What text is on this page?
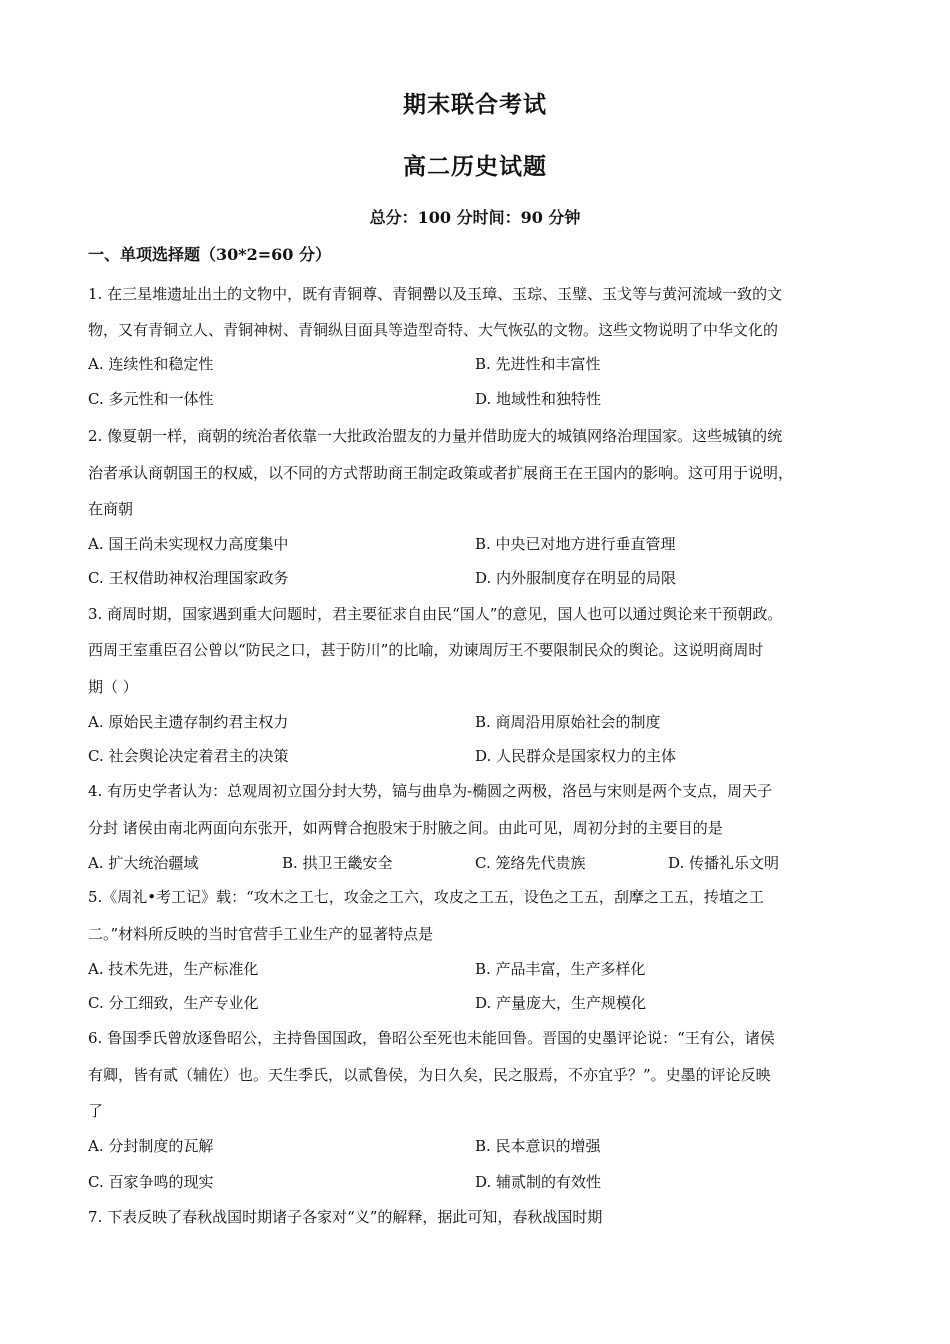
期末联合考试
高二历史试题
总分：100 分时间：90 分钟
一、单项选择题（30*2=60 分）
1. 在三星堆遗址出土的文物中，既有青铜尊、青铜罍以及玉璋、玉琮、玉璧、玉戈等与黄河流域一致的文
物，又有青铜立人、青铜神树、青铜纵目面具等造型奇特、大气恢弘的文物。这些文物说明了中华文化的
A. 连续性和稳定性	B. 先进性和丰富性
C. 多元性和一体性	D. 地域性和独特性
2. 像夏朝一样，商朝的统治者依靠一大批政治盟友的力量并借助庞大的城镇网络治理国家。这些城镇的统
治者承认商朝国王的权威，以不同的方式帮助商王制定政策或者扩展商王在王国内的影响。这可用于说明，
在商朝
A. 国王尚未实现权力高度集中	B. 中央已对地方进行垂直管理
C. 王权借助神权治理国家政务	D. 内外服制度存在明显的局限
3. 商周时期，国家遇到重大问题时，君主要征求自由民“国人”的意见，国人也可以通过舆论来干预朝政。
西周王室重臣召公曾以“防民之口，甚于防川”的比喻，劝谏周厉王不要限制民众的舆论。这说明商周时
期（ ）
A. 原始民主遗存制约君主权力	B. 商周沿用原始社会的制度
C. 社会舆论决定着君主的决策	D. 人民群众是国家权力的主体
4. 有历史学者认为：总观周初立国分封大势，镐与曲阜为-椭圆之两极，洛邑与宋则是两个支点，周天子
分封 诸侯由南北两面向东张开，如两臂合抱股宋于肘腋之间。由此可见，周初分封的主要目的是
A. 扩大统治疆域	B. 拱卫王畿安全	C. 笼络先代贵族	D. 传播礼乐文明
5.《周礼•考工记》载：“攻木之工七，攻金之工六，攻皮之工五，设色之工五，刮摩之工五，抟埴之工
二。”材料所反映的当时官营手工业生产的显著特点是
A. 技术先进，生产标准化	B. 产品丰富，生产多样化
C. 分工细致，生产专业化	D. 产量庞大，生产规模化
6. 鲁国季氏曾放逐鲁昭公，主持鲁国国政，鲁昭公至死也未能回鲁。晋国的史墨评论说：“王有公，诸侯
有卿，皆有贰（辅佐）也。天生季氏，以贰鲁侯，为日久矣，民之服焉，不亦宜乎？”。史墨的评论反映
了
A. 分封制度的瓦解	B. 民本意识的增强
C. 百家争鸣的现实	D. 辅贰制的有效性
7. 下表反映了春秋战国时期诸子各家对“义”的解释，据此可知，春秋战国时期
